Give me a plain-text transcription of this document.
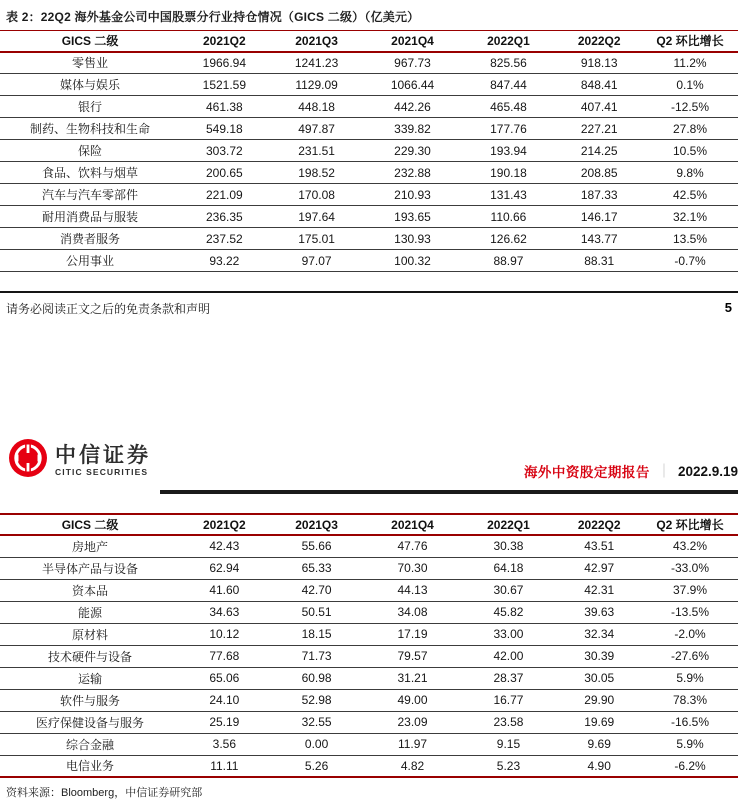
表 2：22Q2 海外基金公司中国股票分行业持仓情况（GICS 二级）（亿美元）
GICS 二级	2021Q2	2021Q3	2021Q4	2022Q1	2022Q2	Q2 环比增长
零售业	1966.94	1241.23	967.73	825.56	918.13	11.2%
媒体与娱乐	1521.59	1129.09	1066.44	847.44	848.41	0.1%
银行	461.38	448.18	442.26	465.48	407.41	-12.5%
制药、生物科技和生命	549.18	497.87	339.82	177.76	227.21	27.8%
保险	303.72	231.51	229.30	193.94	214.25	10.5%
食品、饮料与烟草	200.65	198.52	232.88	190.18	208.85	9.8%
汽车与汽车零部件	221.09	170.08	210.93	131.43	187.33	42.5%
耐用消费品与服装	236.35	197.64	193.65	110.66	146.17	32.1%
消费者服务	237.52	175.01	130.93	126.62	143.77	13.5%
公用事业	93.22	97.07	100.32	88.97	88.31	-0.7%
请务必阅读正文之后的免责条款和声明	5
中信证券
CITIC SECURITIES	海外中资股定期报告 ｜ 2022.9.19
GICS 二级	2021Q2	2021Q3	2021Q4	2022Q1	2022Q2	Q2 环比增长
房地产	42.43	55.66	47.76	30.38	43.51	43.2%
半导体产品与设备	62.94	65.33	70.30	64.18	42.97	-33.0%
资本品	41.60	42.70	44.13	30.67	42.31	37.9%
能源	34.63	50.51	34.08	45.82	39.63	-13.5%
原材料	10.12	18.15	17.19	33.00	32.34	-2.0%
技术硬件与设备	77.68	71.73	79.57	42.00	30.39	-27.6%
运输	65.06	60.98	31.21	28.37	30.05	5.9%
软件与服务	24.10	52.98	49.00	16.77	29.90	78.3%
医疗保健设备与服务	25.19	32.55	23.09	23.58	19.69	-16.5%
综合金融	3.56	0.00	11.97	9.15	9.69	5.9%
电信业务	11.11	5.26	4.82	5.23	4.90	-6.2%
资料来源：Bloomberg，中信证券研究部
